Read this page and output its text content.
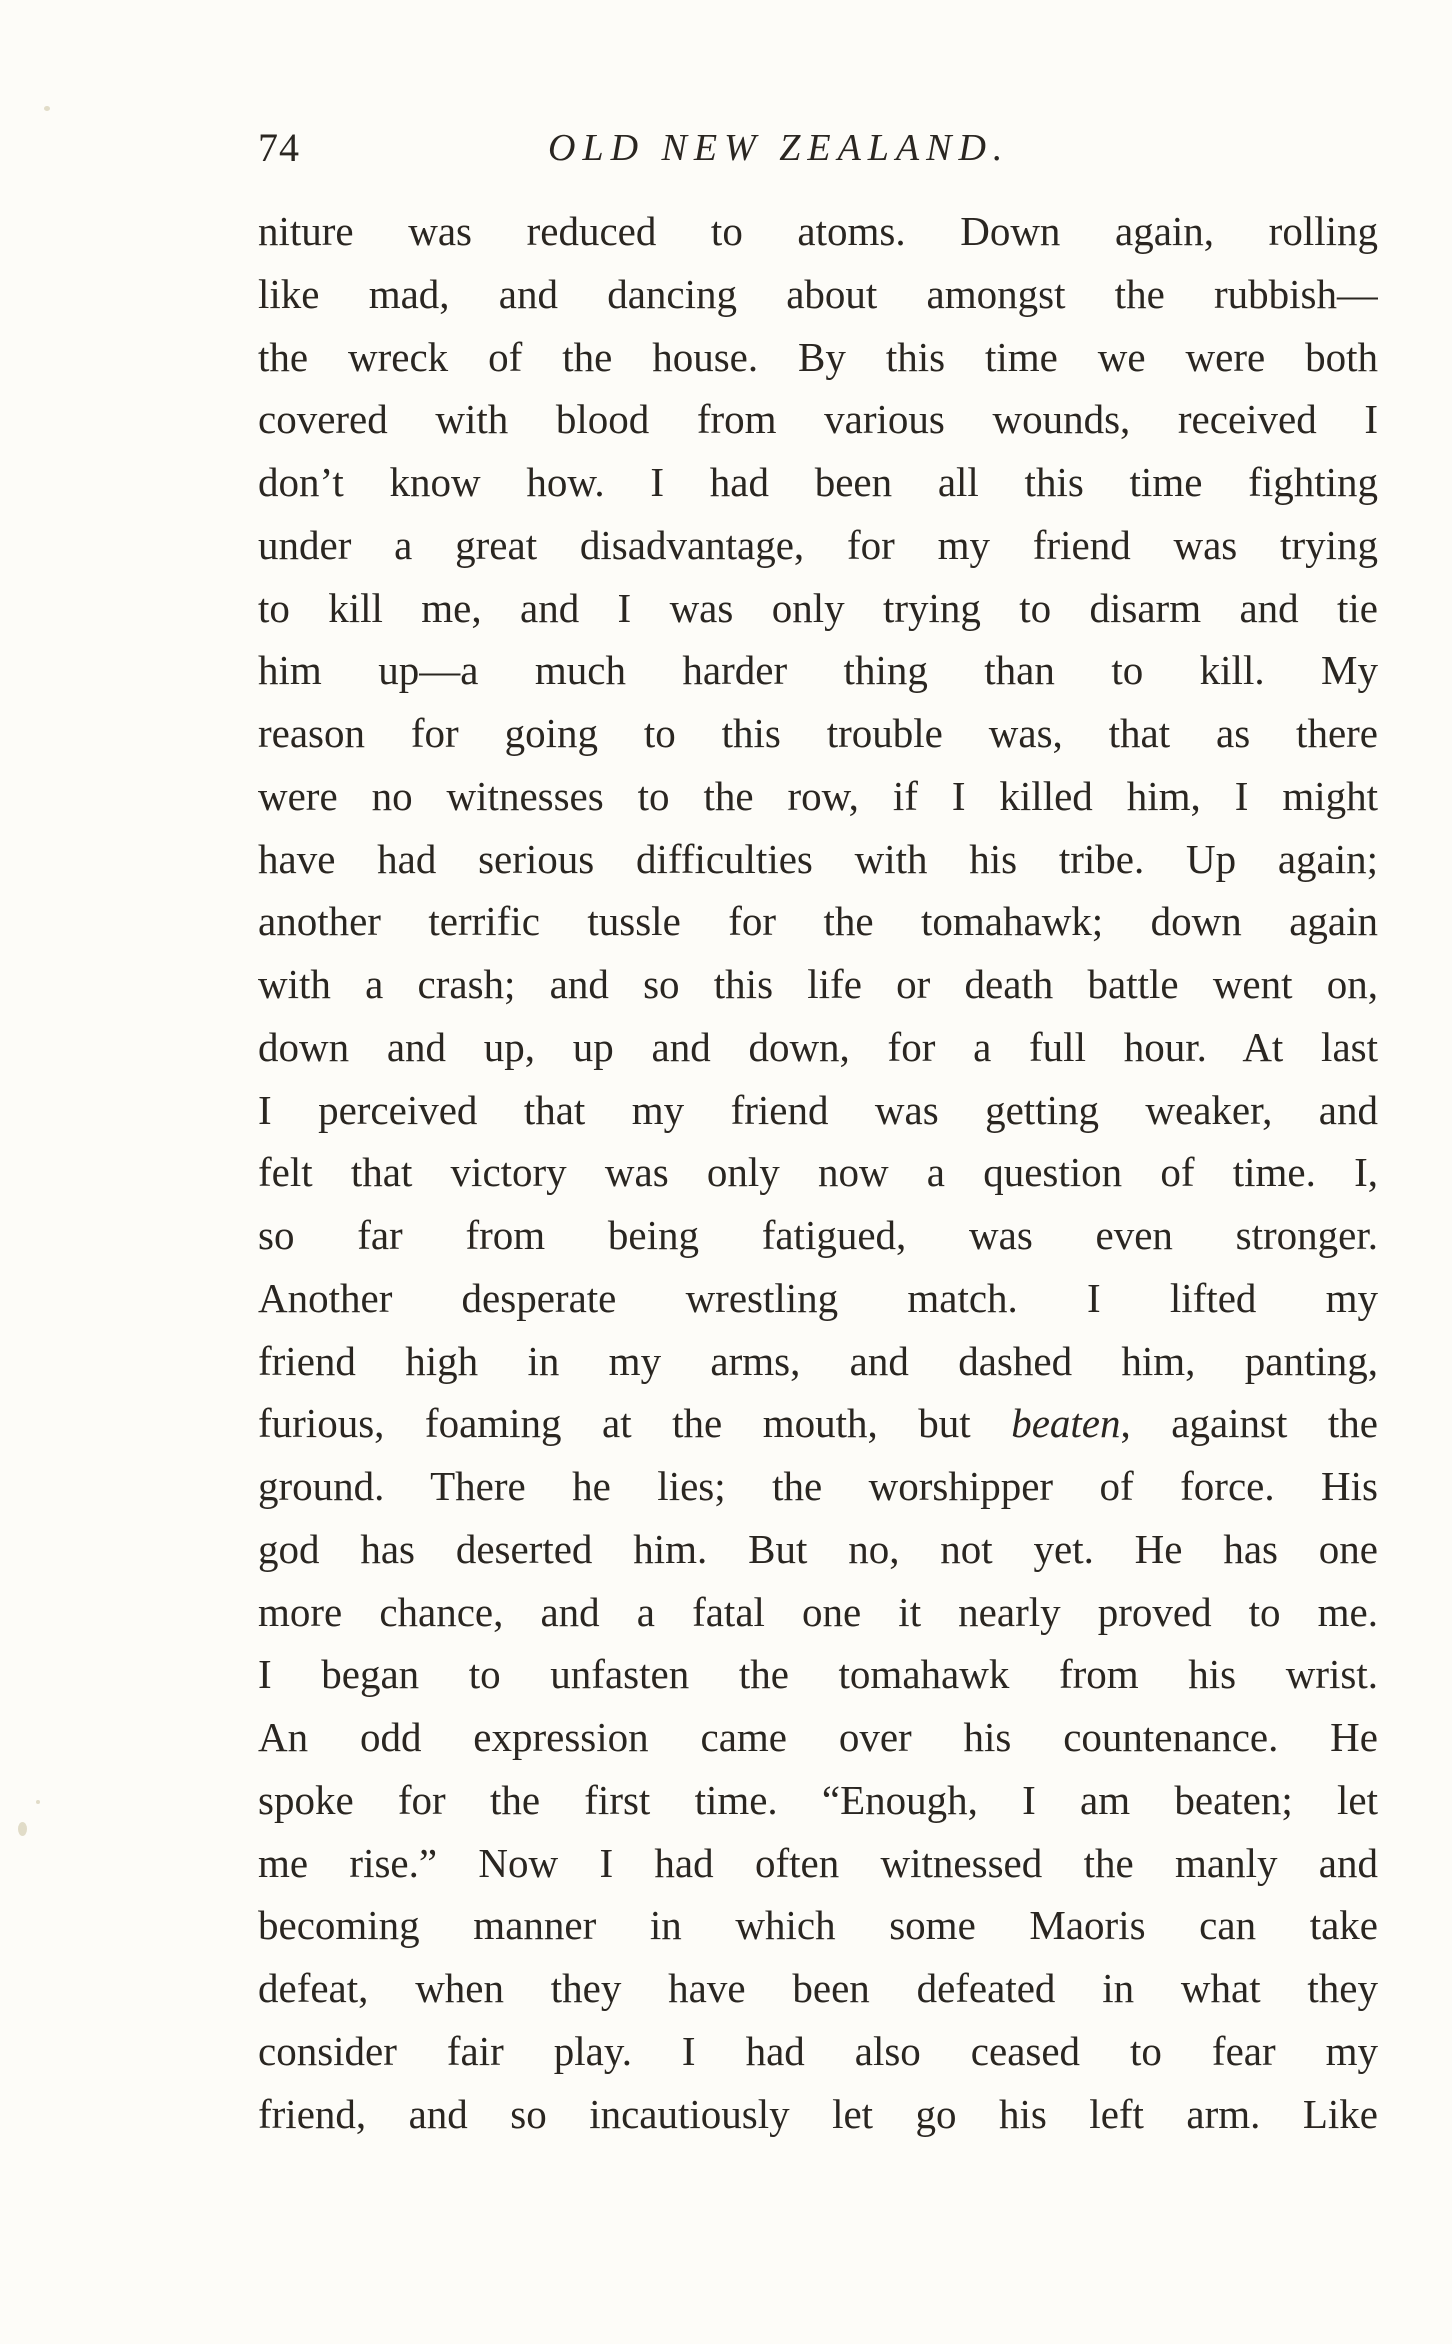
74	OLD NEW ZEALAND.
niture was reduced to atoms. Down again, rolling
like mad, and dancing about amongst the rubbish—
the wreck of the house. By this time we were both
covered with blood from various wounds, received I
don’t know how. I had been all this time fighting
under a great disadvantage, for my friend was trying
to kill me, and I was only trying to disarm and tie
him up—a much harder thing than to kill. My
reason for going to this trouble was, that as there
were no witnesses to the row, if I killed him, I might
have had serious difficulties with his tribe. Up again;
another terrific tussle for the tomahawk; down again
with a crash; and so this life or death battle went on,
down and up, up and down, for a full hour. At last
I perceived that my friend was getting weaker, and
felt that victory was only now a question of time. I,
so far from being fatigued, was even stronger.
Another desperate wrestling match. I lifted my
friend high in my arms, and dashed him, panting,
furious, foaming at the mouth, but beaten, against the
ground. There he lies; the worshipper of force. His
god has deserted him. But no, not yet. He has one
more chance, and a fatal one it nearly proved to me.
I began to unfasten the tomahawk from his wrist.
An odd expression came over his countenance. He
spoke for the first time. “Enough, I am beaten; let
me rise.” Now I had often witnessed the manly and
becoming manner in which some Maoris can take
defeat, when they have been defeated in what they
consider fair play. I had also ceased to fear my
friend, and so incautiously let go his left arm. Like
